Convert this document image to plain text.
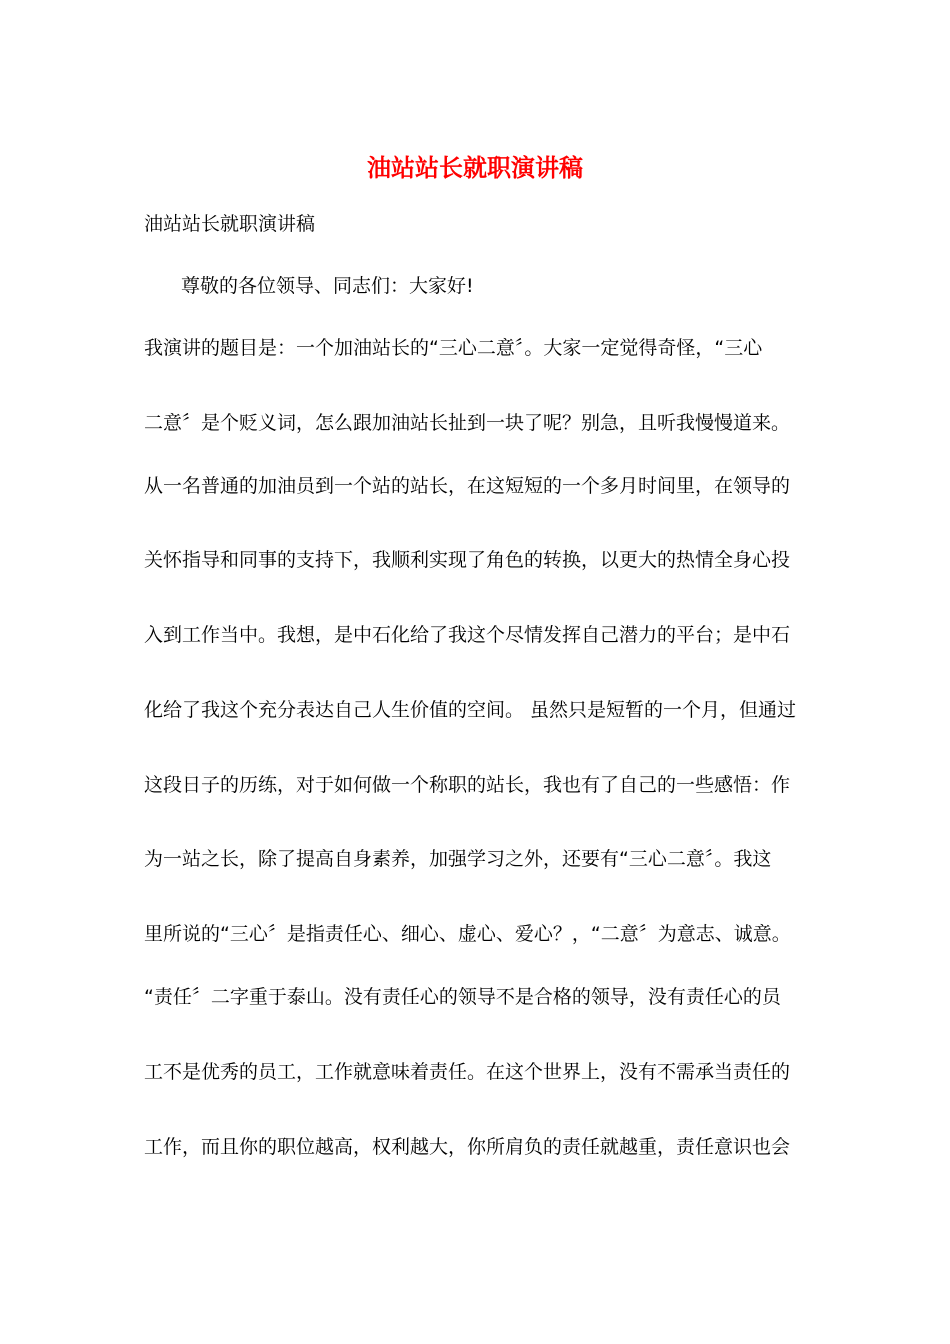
油站站长就职演讲稿
油站站长就职演讲稿
尊敬的各位领导、同志们：大家好!
我演讲的题目是：一个加油站长的“三心二意〞。大家一定觉得奇怪，“三心
二意〞是个贬义词，怎么跟加油站长扯到一块了呢？别急，且听我慢慢道来。
从一名普通的加油员到一个站的站长，在这短短的一个多月时间里，在领导的
关怀指导和同事的支持下，我顺利实现了角色的转换，以更大的热情全身心投
入到工作当中。我想，是中石化给了我这个尽情发挥自己潜力的平台；是中石
化给了我这个充分表达自己人生价值的空间。 虽然只是短暂的一个月，但通过
这段日子的历练，对于如何做一个称职的站长，我也有了自己的一些感悟：作
为一站之长，除了提高自身素养，加强学习之外，还要有“三心二意〞。我这
里所说的“三心〞是指责任心、细心、虚心、爱心？，“二意〞为意志、诚意。
“责任〞二字重于泰山。没有责任心的领导不是合格的领导，没有责任心的员
工不是优秀的员工，工作就意味着责任。在这个世界上，没有不需承当责任的
工作，而且你的职位越高，权利越大，你所肩负的责任就越重，责任意识也会
